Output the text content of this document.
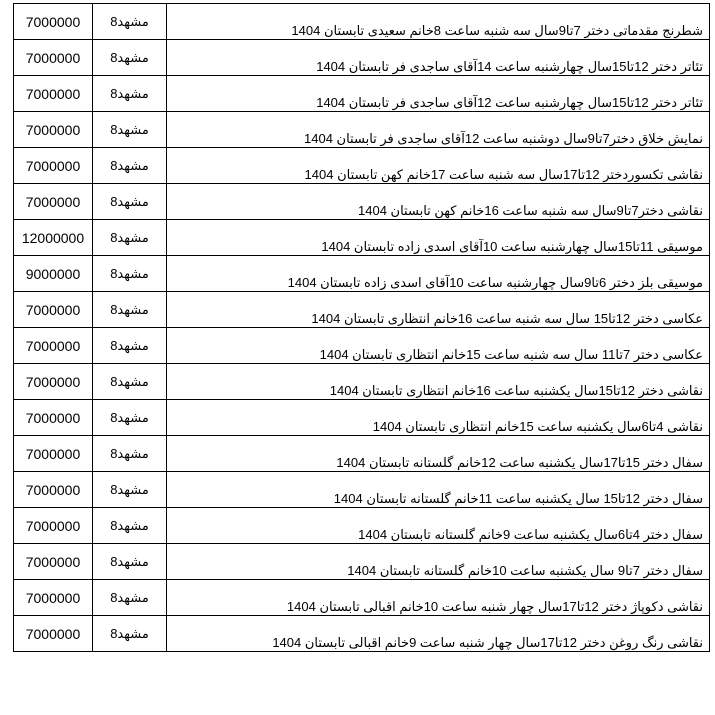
7000000	مشهد8	شطرنج مقدماتی دختر 7تا9سال سه شنبه ساعت 8خانم سعیدی تابستان 1404
7000000	مشهد8	تئاتر دختر 12تا15سال چهارشنبه ساعت 14آقای ساجدی فر تابستان 1404
7000000	مشهد8	تئاتر دختر 12تا15سال چهارشنبه ساعت 12آقای ساجدی فر تابستان 1404
7000000	مشهد8	نمایش خلاق دختر7تا9سال دوشنبه ساعت 12آقای ساجدی فر تابستان 1404
7000000	مشهد8	نقاشی تکسوردختر 12تا17سال سه شنبه ساعت 17خانم کهن تابستان 1404
7000000	مشهد8	نقاشی دختر7تا9سال سه شنبه ساعت 16خانم کهن تابستان 1404
12000000	مشهد8	موسیقی 11تا15سال چهارشنبه ساعت 10آقای اسدی زاده تابستان 1404
9000000	مشهد8	موسیقی بلز دختر 6تا9سال چهارشنبه ساعت 10آقای اسدی زاده تابستان 1404
7000000	مشهد8	عکاسی دختر 12تا15 سال سه شنبه ساعت 16خانم انتظاری تابستان 1404
7000000	مشهد8	عکاسی دختر 7تا11 سال سه شنبه ساعت 15خانم انتظاری تابستان 1404
7000000	مشهد8	نقاشی دختر 12تا15سال یکشنبه ساعت 16خانم انتظاری تابستان 1404
7000000	مشهد8	نقاشی 4تا6سال یکشنبه ساعت 15خانم انتظاری تابستان 1404
7000000	مشهد8	سفال دختر 15تا17سال یکشنبه ساعت 12خانم گلستانه تابستان 1404
7000000	مشهد8	سفال دختر 12تا15 سال یکشنبه ساعت 11خانم گلستانه تابستان 1404
7000000	مشهد8	سفال دختر 4تا6سال یکشنبه ساعت 9خانم گلستانه تابستان 1404
7000000	مشهد8	سفال دختر 7تا9 سال یکشنبه ساعت 10خانم گلستانه تابستان 1404
7000000	مشهد8	نقاشی دکوپاژ دختر 12تا17سال چهار شنبه ساعت 10خانم اقبالی تابستان 1404
7000000	مشهد8	نقاشی رنگ روغن دختر 12تا17سال چهار شنبه ساعت 9خانم اقبالی تابستان 1404
